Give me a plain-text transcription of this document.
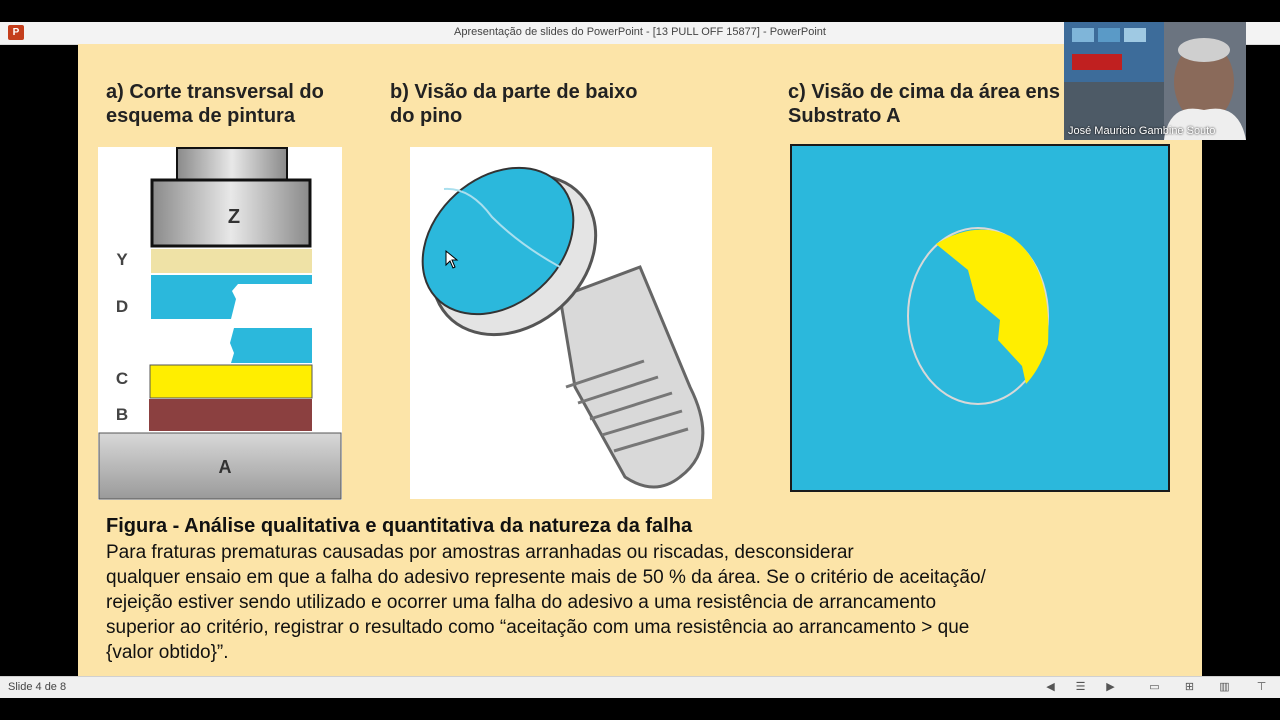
P	Apresentação de slides do PowerPoint - [13 PULL OFF 15877] - PowerPoint
a) Corte transversal do
esquema de pintura
b) Visão da parte de baixo
do pino
c) Visão de cima da área ens
Substrato A
Z
Y
D
C
B
A
Figura - Análise qualitativa e quantitativa da natureza da falha
Para fraturas prematuras causadas por amostras arranhadas ou riscadas, desconsiderar
qualquer ensaio em que a falha do adesivo represente mais de 50 % da área. Se o critério de aceitação/
rejeição estiver sendo utilizado e ocorrer uma falha do adesivo a uma resistência de arrancamento
superior ao critério, registrar o resultado como “aceitação com uma resistência ao arrancamento > que
{valor obtido}”.
José Mauricio Gambine Souto
Slide 4 de 8	◀ ☰ ▶	▭ ⊞ ▥ ⊤
